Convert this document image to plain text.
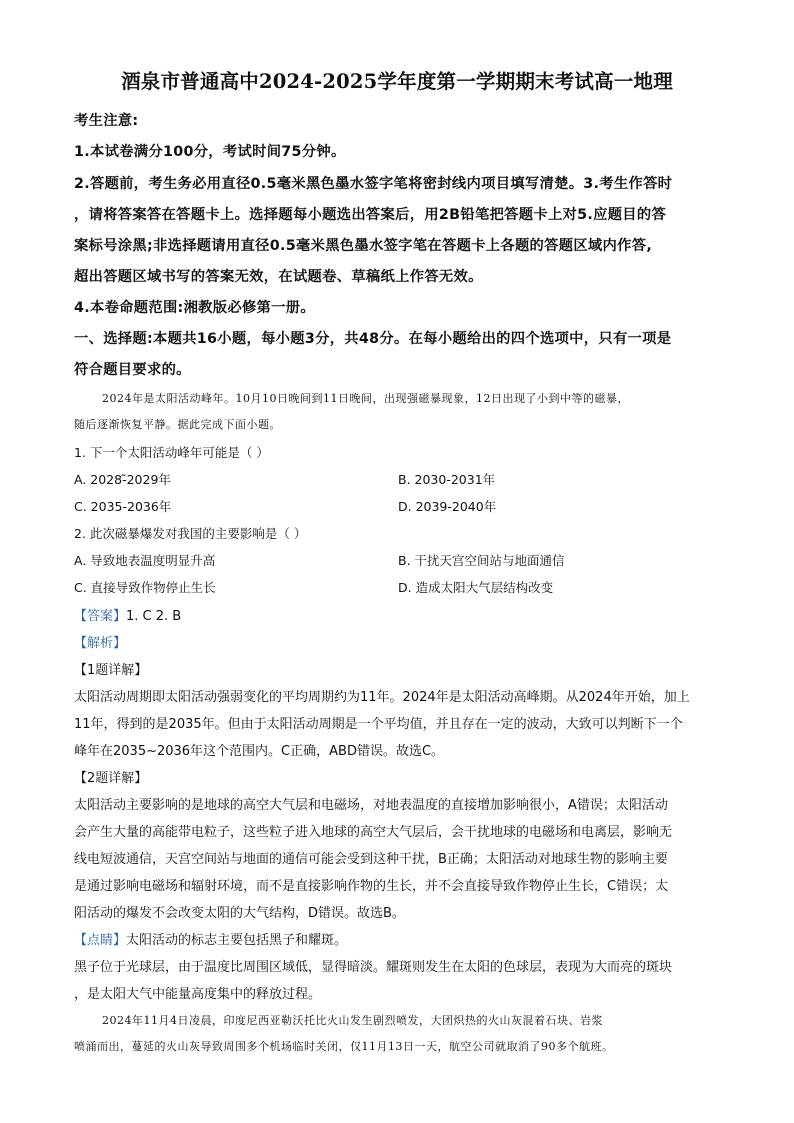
酒泉市普通高中2024-2025学年度第一学期期末考试高一地理
考生注意:
1.本试卷满分100分，考试时间75分钟。
2.答题前，考生务必用直径0.5毫米黑色墨水签字笔将密封线内项目填写清楚。3.考生作答时
，请将答案答在答题卡上。选择题每小题选出答案后，用2B铅笔把答题卡上对5.应题目的答
案标号涂黑;非选择题请用直径0.5毫米黑色墨水签字笔在答题卡上各题的答题区域内作答,
超出答题区域书写的答案无效，在试题卷、草稿纸上作答无效。
4.本卷命题范围:湘教版必修第一册。
一、选择题:本题共16小题，每小题3分，共48分。在每小题给出的四个选项中，只有一项是
符合题目要求的。
2024年是太阳活动峰年。10月10日晚间到11日晚间，出现强磁暴现象，12日出现了小到中等的磁暴，
随后逐渐恢复平静。据此完成下面小题。
1. 下一个太阳活动峰年可能是（ ）
A. 2028-̃2029年	B. 2030-2031年
C. 2035-2036年	D. 2039-2040年
2. 此次磁暴爆发对我国的主要影响是（ ）
A. 导致地表温度明显升高	B. 干扰天宫空间站与地面通信
C. 直接导致作物停止生长	D. 造成太阳大气层结构改变
【答案】1. C 2. B
【解析】
【1题详解】
太阳活动周期即太阳活动强弱变化的平均周期约为11年。2024年是太阳活动高峰期。从2024年开始，加上
11年，得到的是2035年。但由于太阳活动周期是一个平均值，并且存在一定的波动，大致可以判断下一个
峰年在2035~2036年这个范围内。C正确，ABD错误。故选C。
【2题详解】
太阳活动主要影响的是地球的高空大气层和电磁场，对地表温度的直接增加影响很小，A错误；太阳活动
会产生大量的高能带电粒子，这些粒子进入地球的高空大气层后，会干扰地球的电磁场和电离层，影响无
线电短波通信，天宫空间站与地面的通信可能会受到这种干扰，B正确；太阳活动对地球生物的影响主要
是通过影响电磁场和辐射环境，而不是直接影响作物的生长，并不会直接导致作物停止生长，C错误；太
阳活动的爆发不会改变太阳的大气结构，D错误。故选B。
【点睛】太阳活动的标志主要包括黑子和耀斑。
黑子位于光球层，由于温度比周围区域低，显得暗淡。耀斑则发生在太阳的色球层，表现为大而亮的斑块
，是太阳大气中能量高度集中的释放过程。
2024年11月4日凌晨，印度尼西亚勒沃托比火山发生剧烈喷发，大团炽热的火山灰混着石块、岩浆
喷涌而出，蔓延的火山灰导致周围多个机场临时关闭，仅11月13日一天，航空公司就取消了90多个航班。
